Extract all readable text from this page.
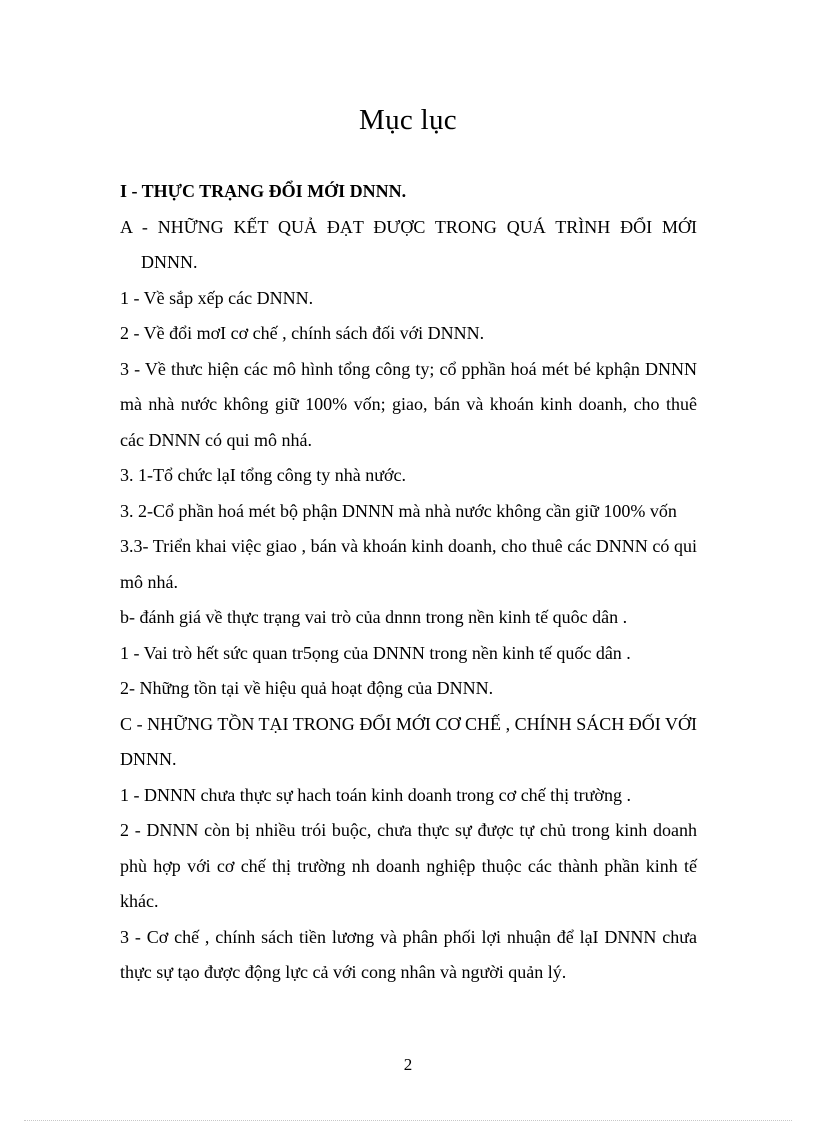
Mục lục
I - THỰC TRẠNG ĐỔI MỚI DNNN.
A - NHỮNG KẾT QUẢ ĐẠT ĐƯỢC TRONG QUÁ TRÌNH ĐỔI MỚI DNNN.
1 - Về sắp xếp các DNNN.
2 - Về đổi mơI cơ chế , chính sách đối với DNNN.
3 - Về thưc hiện các mô hình tổng công ty; cổ pphần hoá mét bé kphận DNNN mà nhà nước không giữ 100% vốn; giao, bán và khoán kinh doanh, cho thuê các DNNN có qui mô nhá.
3. 1-Tổ chức lạI tổng công ty nhà nước.
3. 2-Cổ phần hoá mét bộ phận DNNN mà nhà nước không cần giữ 100% vốn
3.3- Triển khai việc giao , bán và khoán kinh doanh, cho thuê các DNNN có qui mô nhá.
b- đánh giá về thực trạng vai trò của dnnn trong nền kinh tế quôc dân .
1 - Vai trò hết sức quan tr5ọng của DNNN trong nền kinh tế quốc dân .
2- Những tồn tại về hiệu quả hoạt động của DNNN.
C - NHỮNG TỒN TẠI TRONG ĐỔI MỚI CƠ CHẾ , CHÍNH SÁCH ĐỐI VỚI DNNN.
1 - DNNN chưa thực sự hach toán kinh doanh trong cơ chế thị trường .
2 - DNNN còn bị nhiều trói buộc, chưa thực sự được tự chủ trong kinh doanh phù hợp với cơ chế thị trường nh doanh nghiệp thuộc các thành phần kinh tế khác.
3 - Cơ chế , chính sách tiền lương và phân phối lợi nhuận để lạI DNNN chưa thực sự tạo được động lực cả với cong nhân và người quản lý.
2
